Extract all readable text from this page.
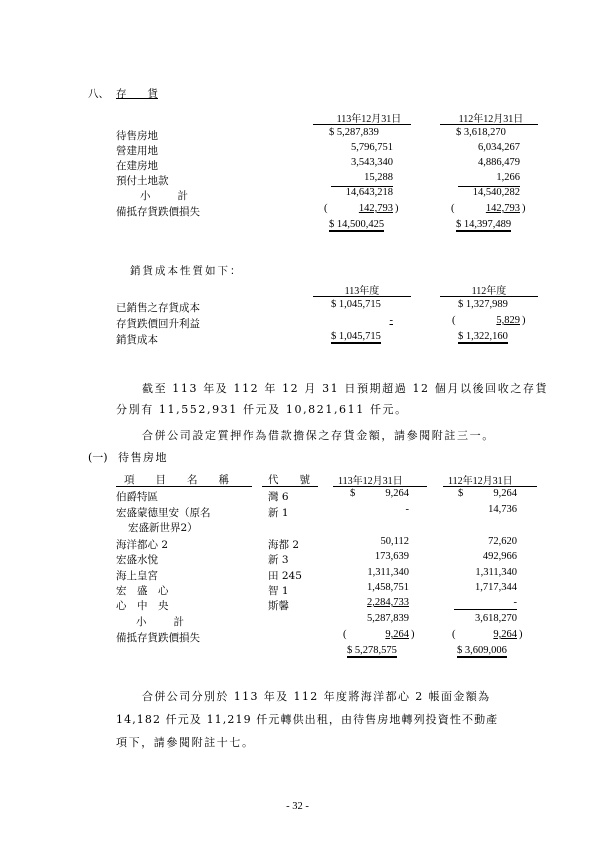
八、 存　　貨
113年12月31日	112年12月31日
待售房地	$ 5,287,839	$ 3,618,270
營建用地	5,796,751	6,034,267
在建房地	3,543,340	4,886,479
預付土地款	15,288	1,266
小　　計	14,643,218	14,540,282
備抵存貨跌價損失	(	142,793 )	(	142,793 )
$ 14,500,425	$ 14,397,489
銷貨成本性質如下：
113年度	112年度
已銷售之存貨成本	$ 1,045,715	$ 1,327,989
存貨跌價回升利益	-	(	5,829 )
銷貨成本	$ 1,045,715	$ 1,322,160
截至 113 年及 112 年 12 月 31 日預期超過 12 個月以後回收之存貨
分別有 11,552,931 仟元及 10,821,611 仟元。
合併公司設定質押作為借款擔保之存貨金額，請參閱附註三一。
(一) 待售房地
項　　目　　名　　稱	代　　號	113年12月31日	112年12月31日
伯爵特區	灣 6	$	9,264	$	9,264
宏盛蒙德里安（原名	新 1	-	14,736
宏盛新世界2）
海洋都心 2	海都 2	50,112	72,620
宏盛水悅	新 3	173,639	492,966
海上皇宮	田 245	1,311,340	1,311,340
宏　盛　心	智 1	1,458,751	1,717,344
心　中　央	斯馨	2,284,733	-
小　　計	5,287,839	3,618,270
備抵存貨跌價損失	(	9,264 )	(	9,264 )
$ 5,278,575	$ 3,609,006
合併公司分別於 113 年及 112 年度將海洋都心 2 帳面金額為
14,182 仟元及 11,219 仟元轉供出租，由待售房地轉列投資性不動產
項下，請參閱附註十七。
- 32 -
